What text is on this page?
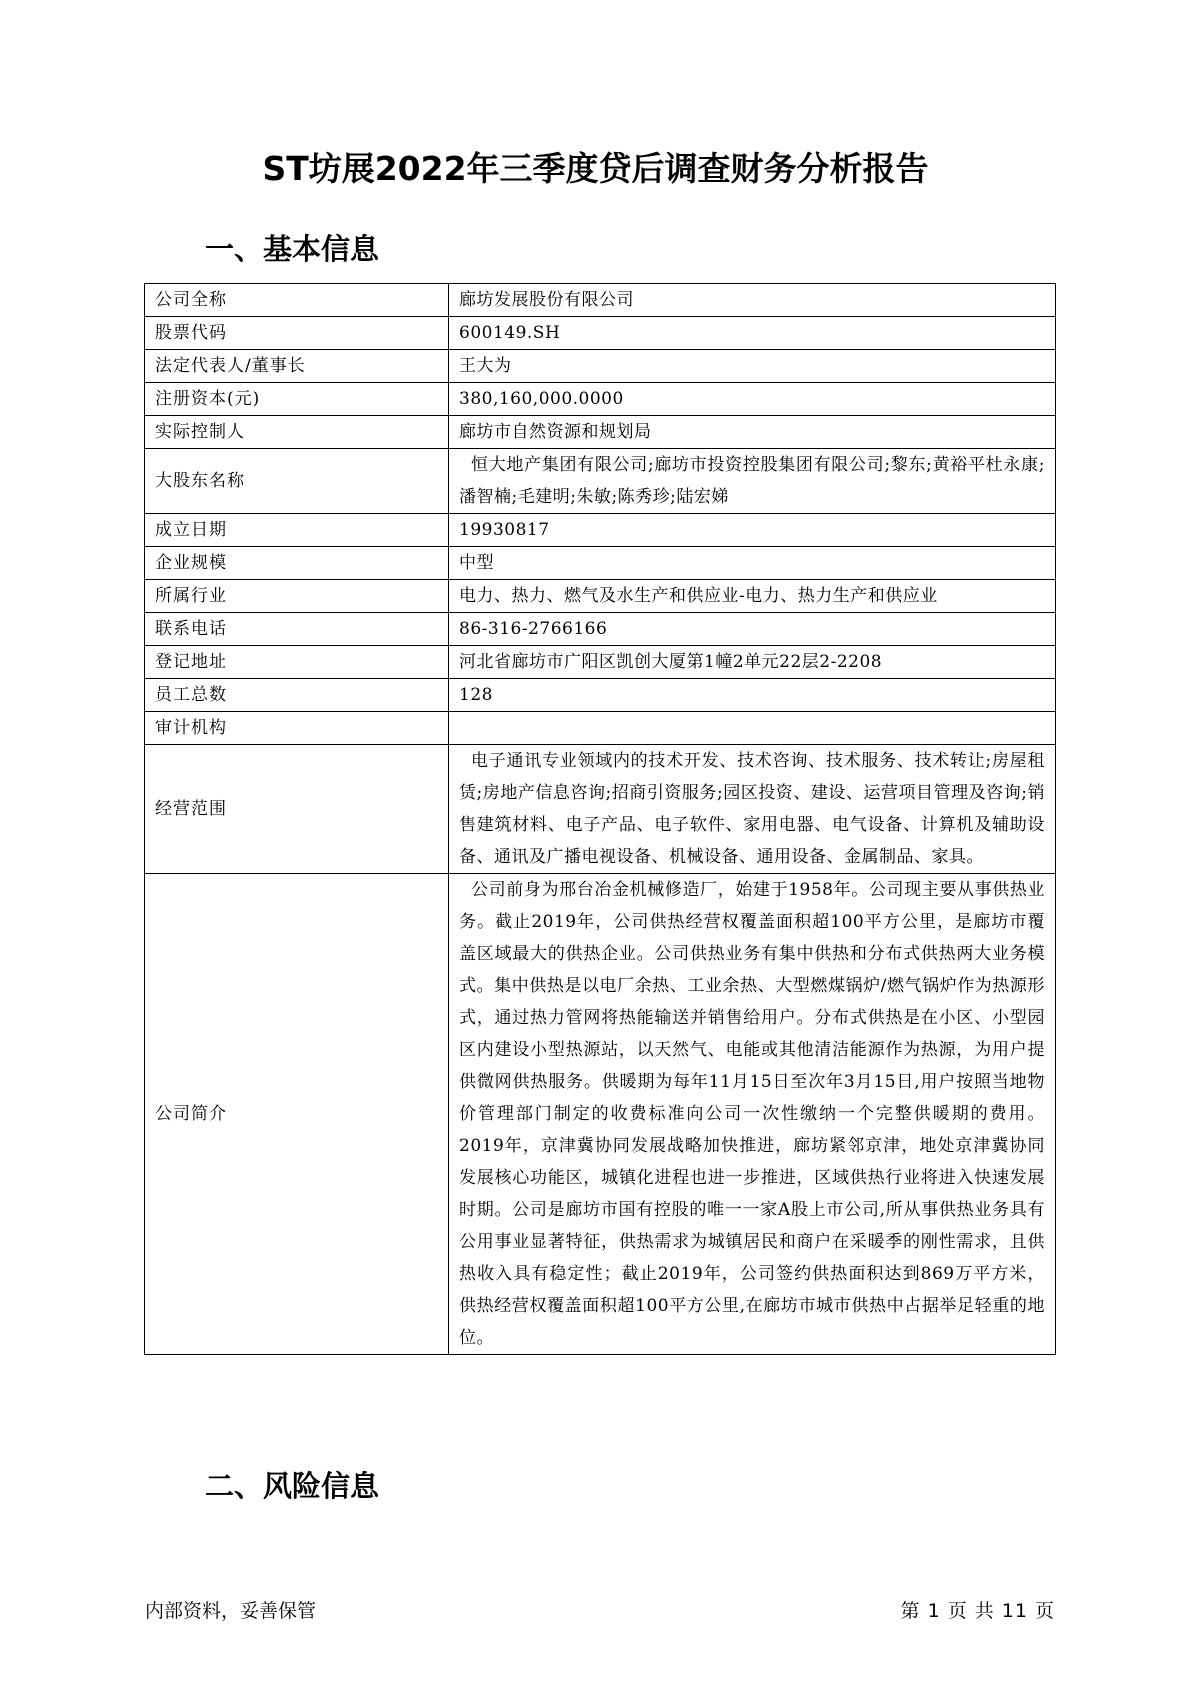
ST坊展2022年三季度贷后调查财务分析报告
一、基本信息
公司全称	廊坊发展股份有限公司
股票代码	600149.SH
法定代表人/董事长	王大为
注册资本(元)	380,160,000.0000
实际控制人	廊坊市自然资源和规划局
大股东名称	恒大地产集团有限公司;廊坊市投资控股集团有限公司;黎东;黄裕平杜永康;潘智楠;毛建明;朱敏;陈秀珍;陆宏娣
成立日期	19930817
企业规模	中型
所属行业	电力、热力、燃气及水生产和供应业-电力、热力生产和供应业
联系电话	86-316-2766166
登记地址	河北省廊坊市广阳区凯创大厦第1幢2单元22层2-2208
员工总数	128
审计机构	
经营范围	电子通讯专业领域内的技术开发、技术咨询、技术服务、技术转让;房屋租赁;房地产信息咨询;招商引资服务;园区投资、建设、运营项目管理及咨询;销售建筑材料、电子产品、电子软件、家用电器、电气设备、计算机及辅助设备、通讯及广播电视设备、机械设备、通用设备、金属制品、家具。
公司简介	公司前身为邢台冶金机械修造厂，始建于1958年。公司现主要从事供热业务。截止2019年，公司供热经营权覆盖面积超100平方公里，是廊坊市覆盖区域最大的供热企业。公司供热业务有集中供热和分布式供热两大业务模式。集中供热是以电厂余热、工业余热、大型燃煤锅炉/燃气锅炉作为热源形式，通过热力管网将热能输送并销售给用户。分布式供热是在小区、小型园区内建设小型热源站，以天然气、电能或其他清洁能源作为热源，为用户提供微网供热服务。供暖期为每年11月15日至次年3月15日,用户按照当地物价管理部门制定的收费标准向公司一次性缴纳一个完整供暖期的费用。2019年，京津冀协同发展战略加快推进，廊坊紧邻京津，地处京津冀协同发展核心功能区，城镇化进程也进一步推进，区域供热行业将进入快速发展时期。公司是廊坊市国有控股的唯一一家A股上市公司,所从事供热业务具有公用事业显著特征，供热需求为城镇居民和商户在采暖季的刚性需求，且供热收入具有稳定性；截止2019年，公司签约供热面积达到869万平方米，供热经营权覆盖面积超100平方公里,在廊坊市城市供热中占据举足轻重的地位。
二、风险信息
内部资料，妥善保管	第 1 页 共 11 页
